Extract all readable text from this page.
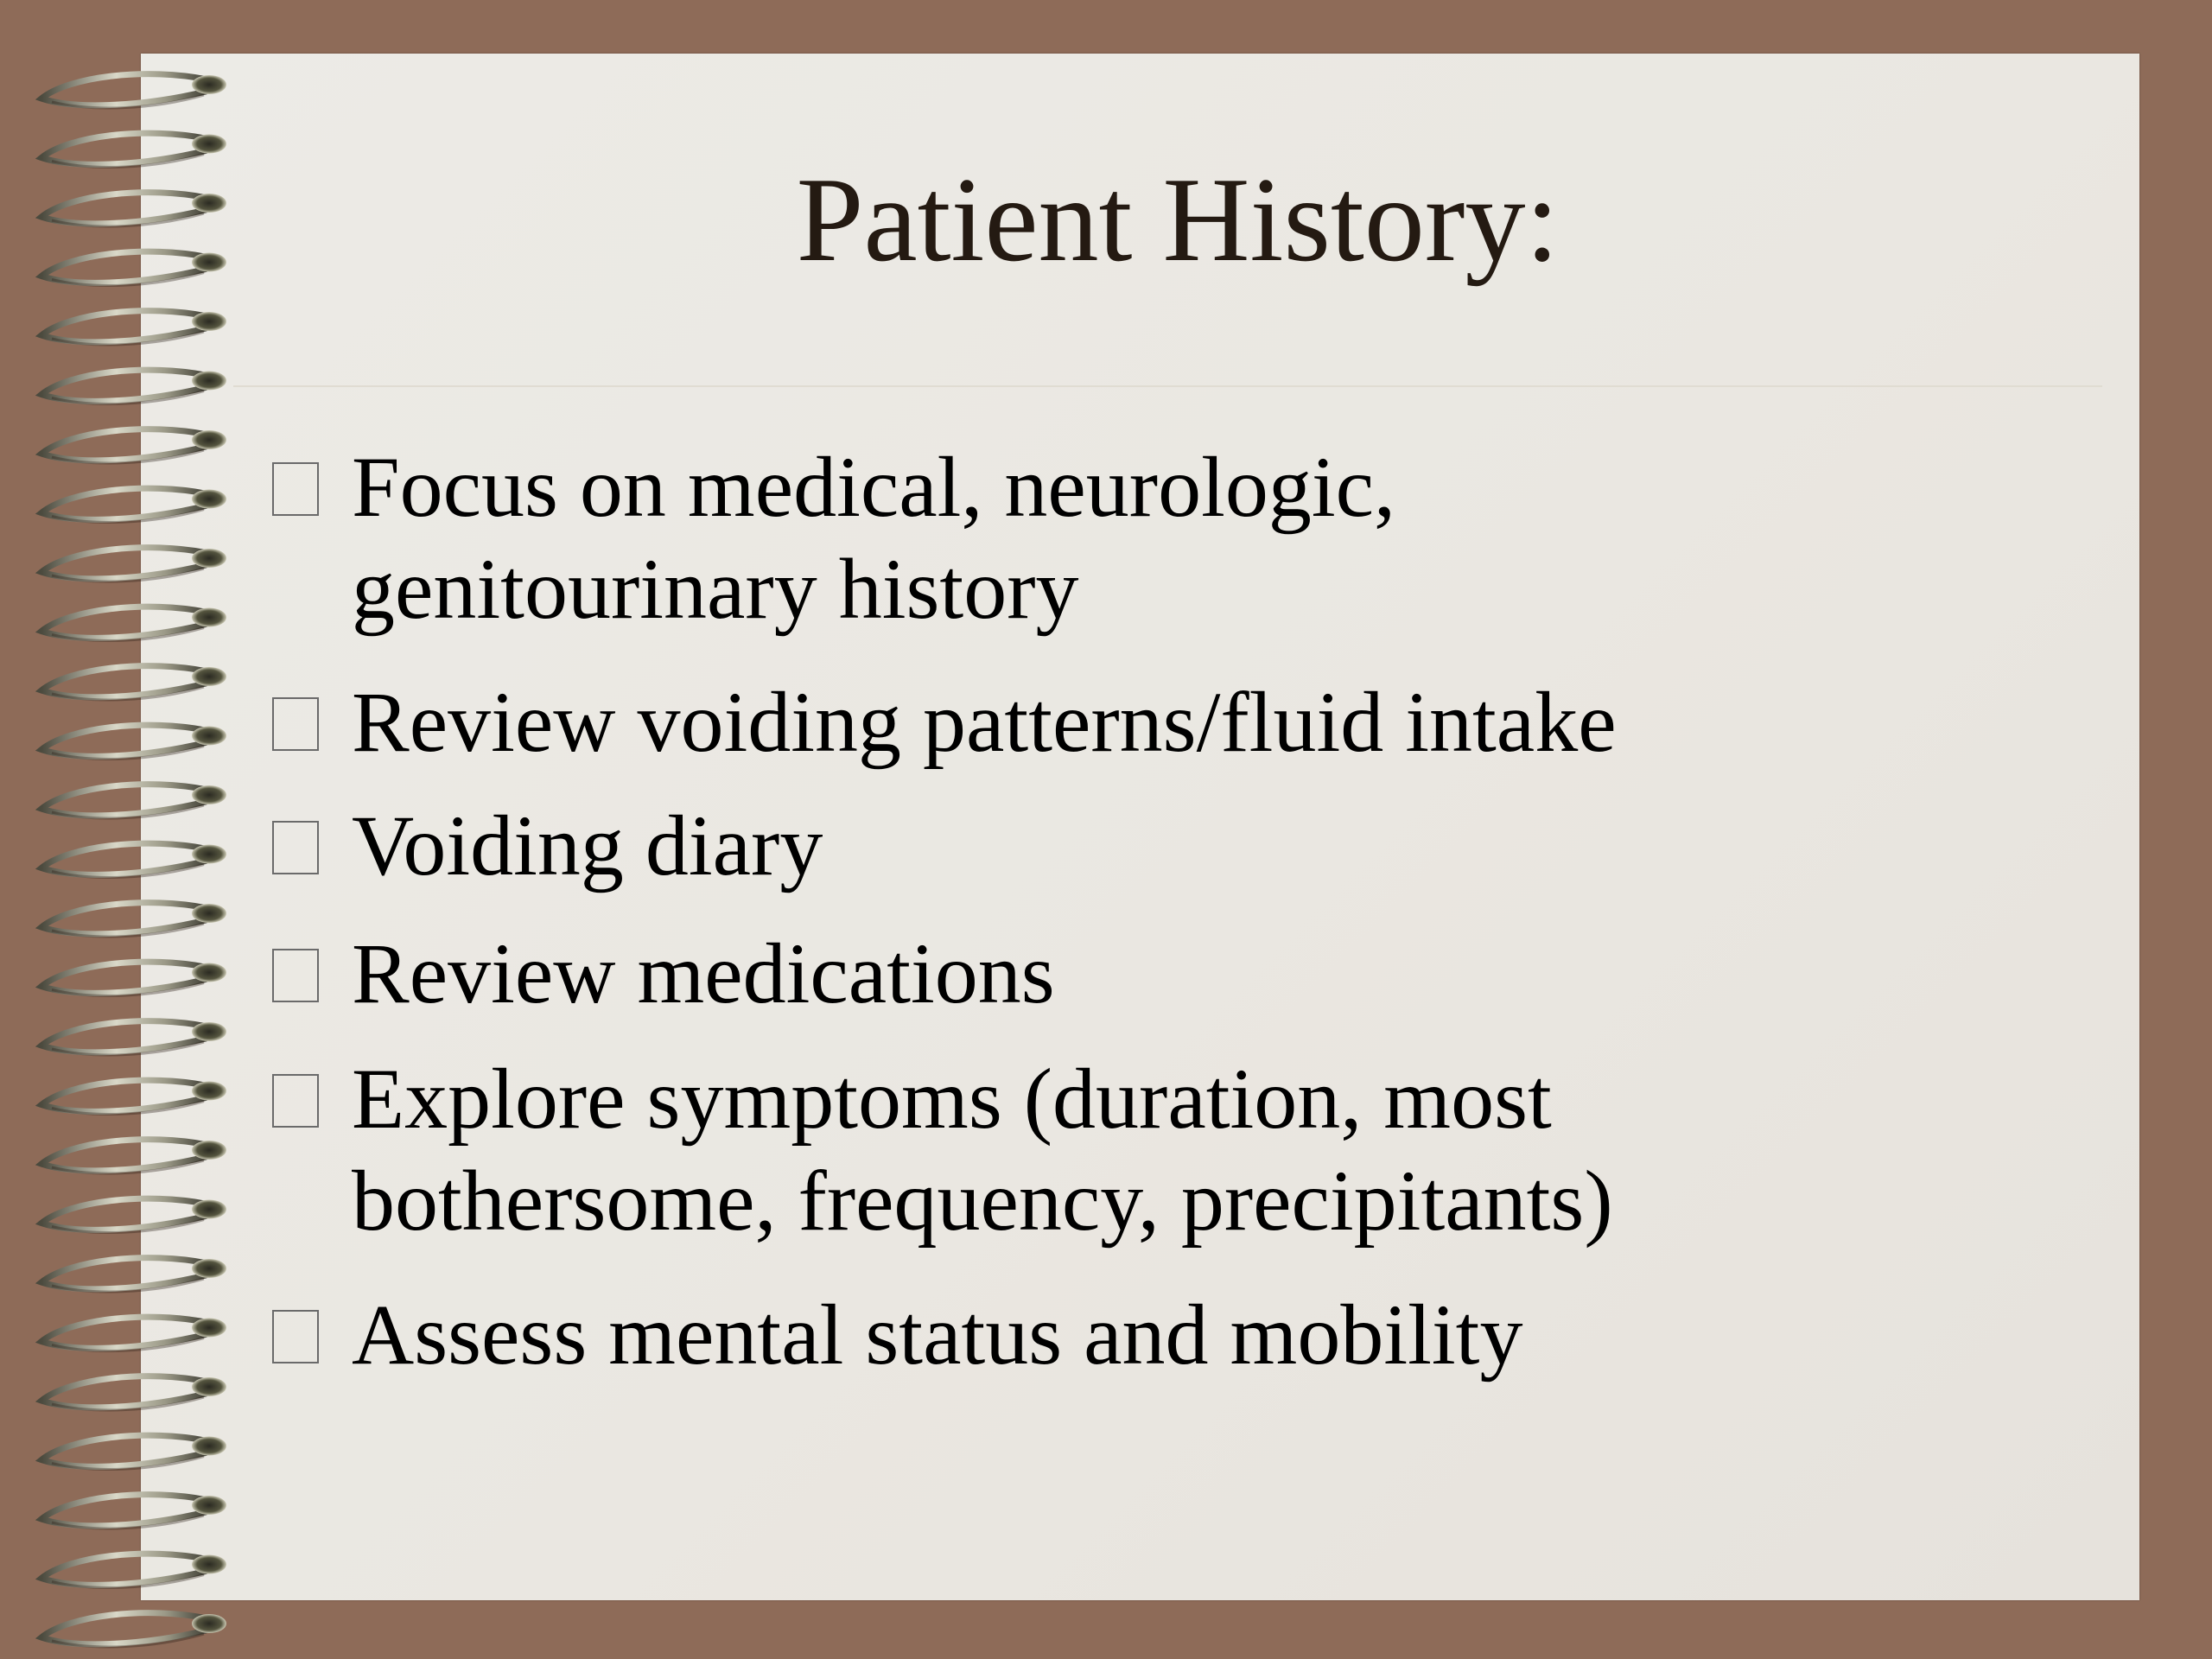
Patient History:
Focus on medical, neurologic,
genitourinary history
Review voiding patterns/fluid intake
Voiding diary
Review medications
Explore symptoms (duration, most
bothersome, frequency, precipitants)
Assess mental status and mobility
